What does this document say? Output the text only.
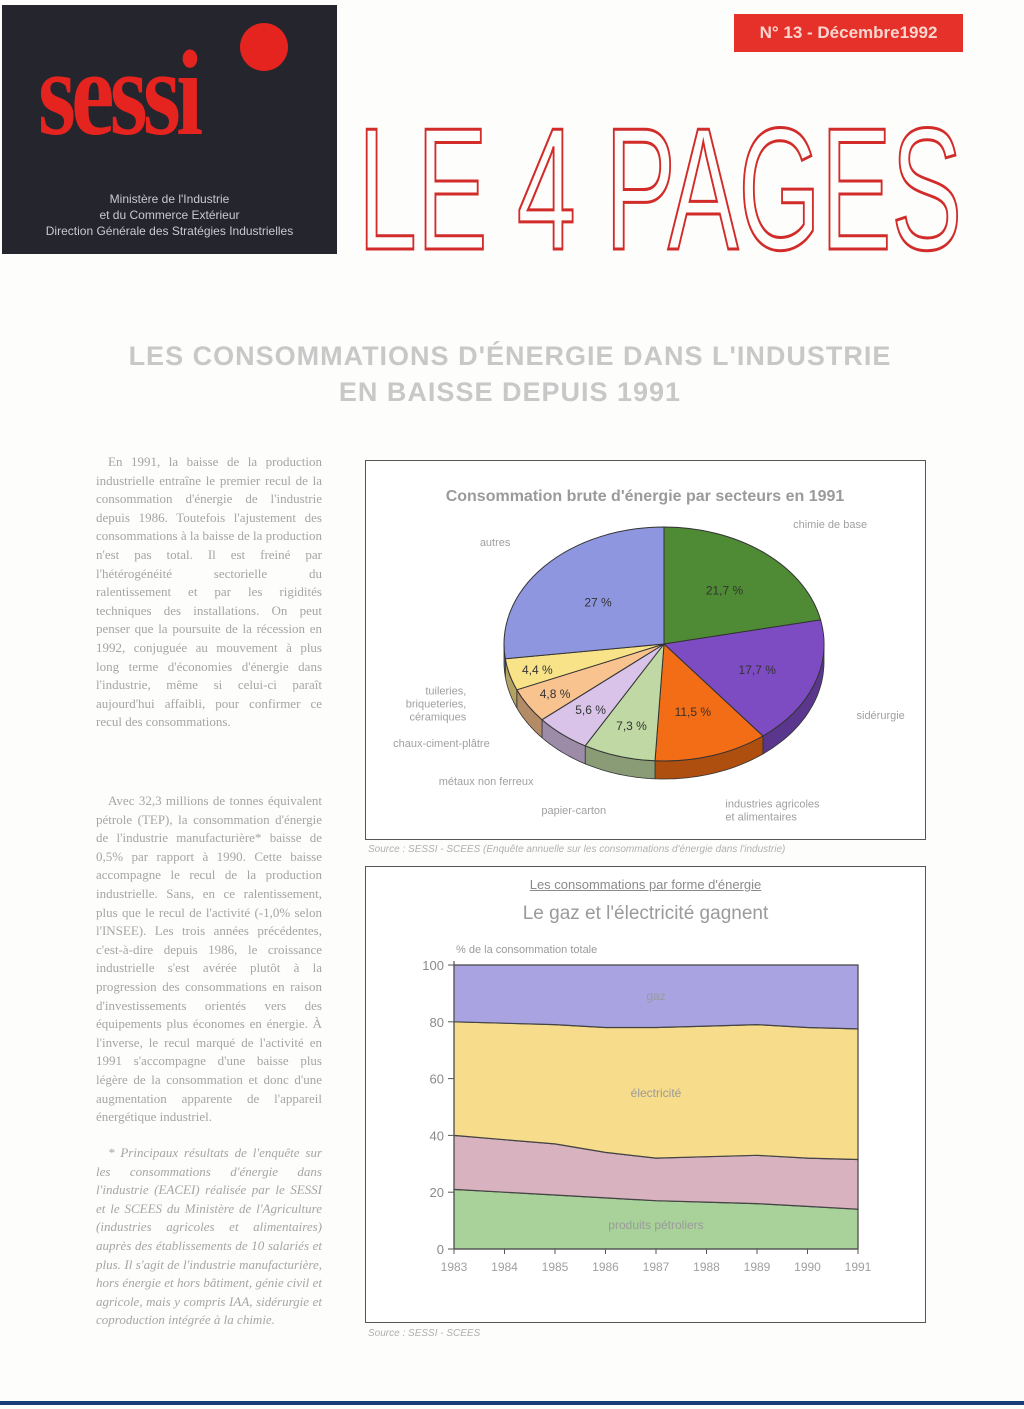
sessi
Ministère de l'Industrie
et du Commerce Extérieur
Direction Générale des Stratégies Industrielles
N° 13 - Décembre1992
LE 4 PAGES
LES CONSOMMATIONS D'ÉNERGIE DANS L'INDUSTRIE
EN BAISSE DEPUIS 1991

En 1991, la baisse de la production industrielle entraîne le premier recul de la consommation d'énergie de l'industrie depuis 1986. Toutefois l'ajustement des consommations à la baisse de la production n'est pas total. Il est freiné par l'hétérogénéité sectorielle du ralentissement et par les rigidités techniques des installations. On peut penser que la poursuite de la récession en 1992, conjuguée au mouvement à plus long terme d'économies d'énergie dans l'industrie, même si celui-ci paraît aujourd'hui affaibli, pour confirmer ce recul des consommations.

Avec 32,3 millions de tonnes équivalent pétrole (TEP), la consommation d'énergie de l'industrie manufacturière* baisse de 0,5% par rapport à 1990. Cette baisse accompagne le recul de la production industrielle. Sans, en ce ralentissement, plus que le recul de l'activité (-1,0% selon l'INSEE). Les trois années précédentes, c'est-à-dire depuis 1986, le croissance industrielle s'est avérée plutôt à la progression des consommations en raison d'investissements orientés vers des équipements plus économes en énergie. À l'inverse, le recul marqué de l'activité en 1991 s'accompagne d'une baisse plus légère de la consommation et donc d'une augmentation apparente de l'appareil énergétique industriel.

* Principaux résultats de l'enquête sur les consommations d'énergie dans l'industrie (EACEI) réalisée par le SESSI et le SCEES du Ministère de l'Agriculture (industries agricoles et alimentaires) auprès des établissements de 10 salariés et plus. Il s'agit de l'industrie manufacturière, hors énergie et hors bâtiment, génie civil et agricole, mais y compris IAA, sidérurgie et coproduction intégrée à la chimie.

Consommation brute d'énergie par secteurs en 1991
21,7 %
17,7 %
11,5 %
7,3 %
5,6 %
4,8 %
4,4 %
27 %
chimie de base
sidérurgie
industries agricoles et alimentaires
papier-carton
métaux non ferreux
chaux-ciment-plâtre
tuileries, briqueteries, céramiques
autres
Source : SESSI - SCEES (Enquête annuelle sur les consommations d'énergie dans l'industrie)
Les consommations par forme d'énergie
Le gaz et l'électricité gagnent
produits pétroliers
électricité
gaz
0
20
40
60
80
100
1983 1984 1985 1986 1987 1988 1989 1990 1991
% de la consommation totale
Source : SESSI - SCEES
